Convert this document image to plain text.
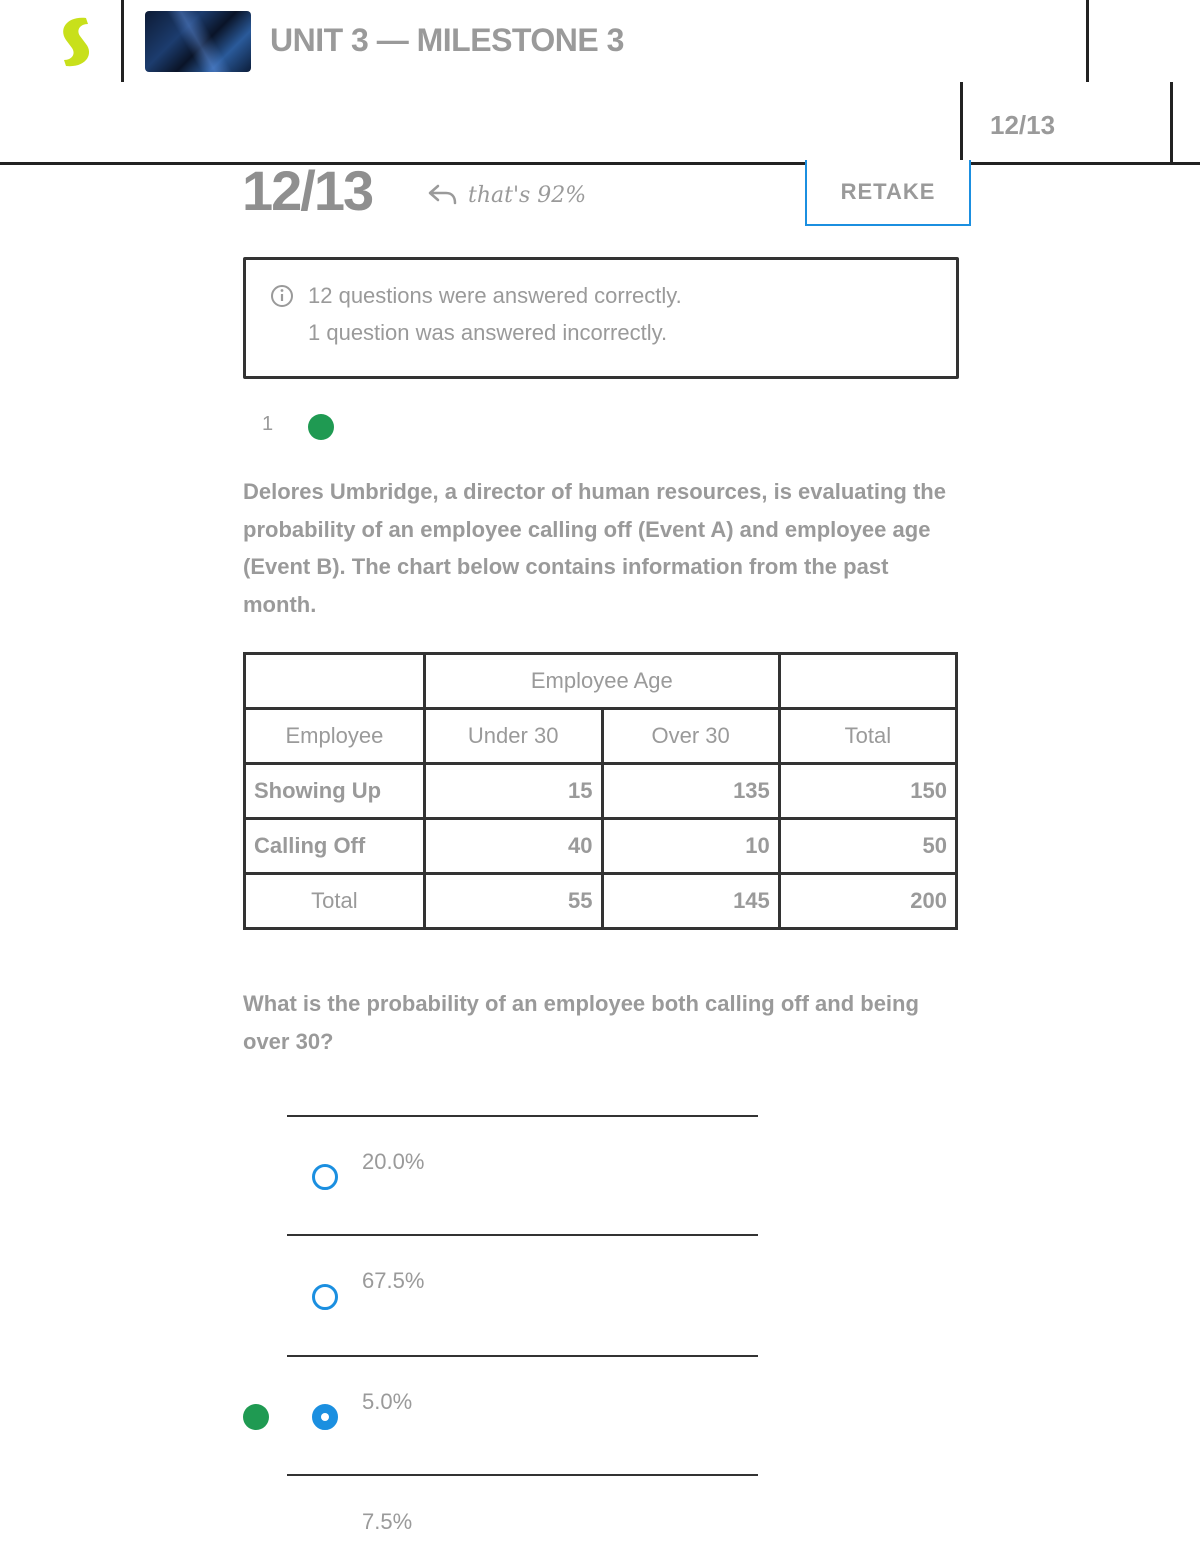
UNIT 3 — MILESTONE 3
12/13
12/13	that's 92%	RETAKE
12 questions were answered correctly.
1 question was answered incorrectly.
1
Delores Umbridge, a director of human resources, is evaluating the probability of an employee calling off (Event A) and employee age (Event B). The chart below contains information from the past month.
	Employee Age		
Employee	Under 30	Over 30	Total
Showing Up	15	135	150
Calling Off	40	10	50
Total	55	145	200
What is the probability of an employee both calling off and being over 30?
20.0%
67.5%
5.0%
7.5%
